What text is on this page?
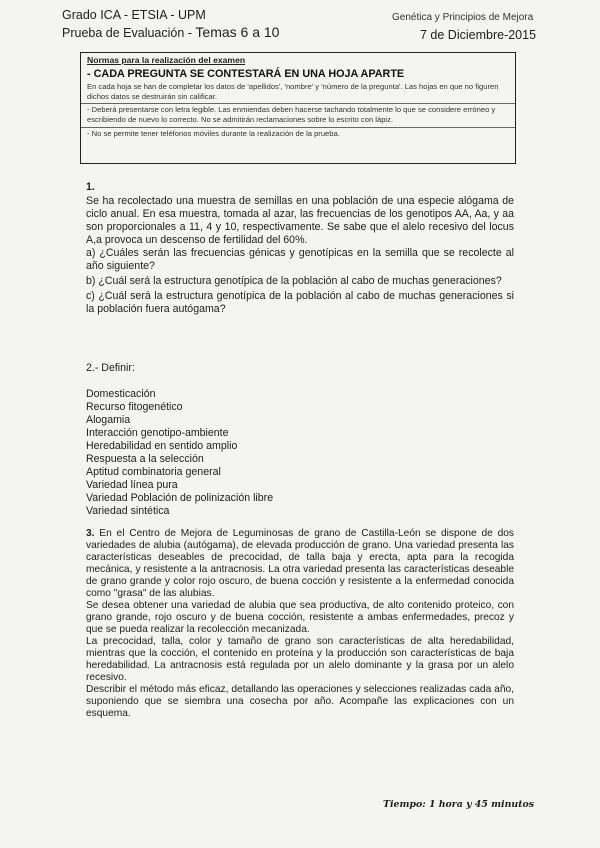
Grado ICA - ETSIA - UPM
Prueba de Evaluación - Temas 6 a 10
Genética y Principios de Mejora
7 de Diciembre-2015
Normas para la realización del examen
- CADA PREGUNTA SE CONTESTARÁ EN UNA HOJA APARTE
En cada hoja se han de completar los datos de 'apellidos', 'nombre' y 'número de la pregunta'. Las hojas en que no figuren dichos datos se destruirán sin calificar.
- Deberá presentarse con letra legible. Las enmiendas deben hacerse tachando totalmente lo que se considere erróneo y escribiendo de nuevo lo correcto. No se admitirán reclamaciones sobre lo escrito con lápiz.
- No se permite tener teléfonos móviles durante la realización de la prueba.
1.
Se ha recolectado una muestra de semillas en una población de una especie alógama de ciclo anual. En esa muestra, tomada al azar, las frecuencias de los genotipos AA, Aa, y aa son proporcionales a 11, 4 y 10, respectivamente. Se sabe que el alelo recesivo del locus A,a provoca un descenso de fertilidad del 60%.
a) ¿Cuáles serán las frecuencias génicas y genotípicas en la semilla que se recolecte al año siguiente?
b) ¿Cuál será la estructura genotípica de la población al cabo de muchas generaciones?
c) ¿Cuál será la estructura genotípica de la población al cabo de muchas generaciones si la población fuera autógama?
2.- Definir:
Domesticación
Recurso fitogenético
Alogamia
Interacción genotipo-ambiente
Heredabilidad en sentido amplio
Respuesta a la selección
Aptitud combinatoria general
Variedad línea pura
Variedad Población de polinización libre
Variedad sintética
3. En el Centro de Mejora de Leguminosas de grano de Castilla-León se dispone de dos variedades de alubia (autógama), de elevada producción de grano. Una variedad presenta las características deseables de precocidad, de talla baja y erecta, apta para la recogida mecánica, y resistente a la antracnosis. La otra variedad presenta las características deseable de grano grande y color rojo oscuro, de buena cocción y resistente a la enfermedad conocida como "grasa" de las alubias.
Se desea obtener una variedad de alubia que sea productiva, de alto contenido proteico, con grano grande, rojo oscuro y de buena cocción, resistente a ambas enfermedades, precoz y que se pueda realizar la recolección mecanizada.
La precocidad, talla, color y tamaño de grano son características de alta heredabilidad, mientras que la cocción, el contenido en proteína y la producción son características de baja heredabilidad. La antracnosis está regulada por un alelo dominante y la grasa por un alelo recesivo.
Describir el método más eficaz, detallando las operaciones y selecciones realizadas cada año, suponiendo que se siembra una cosecha por año. Acompañe las explicaciones con un esquema.
Tiempo: 1 hora y 45 minutos
